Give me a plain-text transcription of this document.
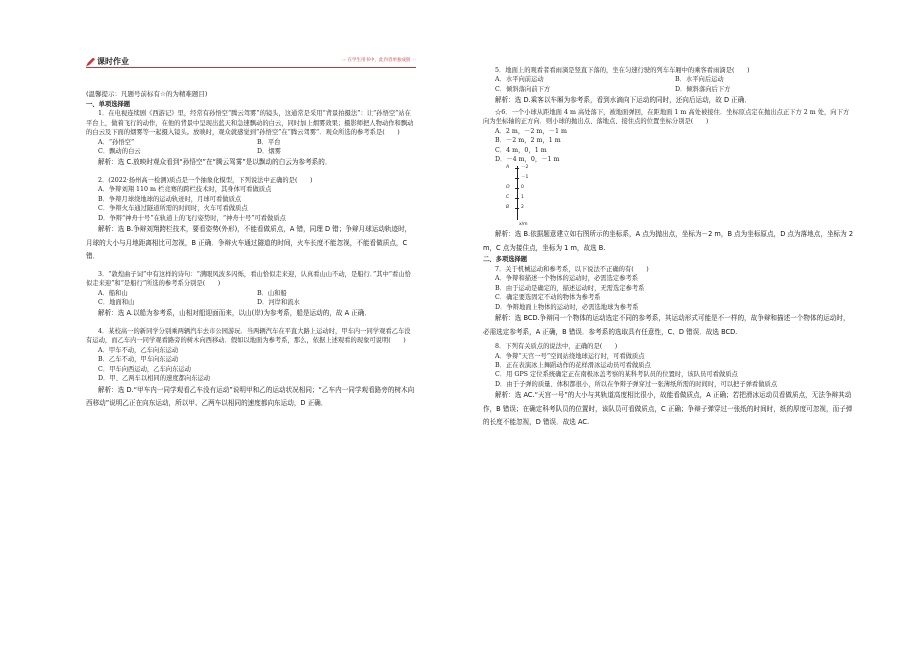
课时作业	☞ 在学生用书中，此内容单独成册 ☜

(温馨提示：凡题号前标有☆的为精难题目)

一、单项选择题

1．在电视连续剧《西游记》里，经常有孙悟空“腾云驾雾”的镜头，这通常是采用“背景拍摄法”：让“孙悟空”站在平台上，做着飞行的动作，在他的背景中呈现出蓝天和急速飘动的白云，同时加上烟雾效果；摄影师把人物动作和飘动的白云及下面的烟雾等一起摄入镜头。放映时，观众就感觉到“孙悟空”在“腾云驾雾”．观众所选的参考系是(　　)

A．“孙悟空”	B．平台
C．飘动的白云	D．烟雾

解析：选 C.放映时观众看到“孙悟空”在“腾云驾雾”是以飘动的白云为参考系的．

2．(2022·扬州高一检测)质点是一个抽象化模型，下列说法中正确的是(　　)

A．争辩刘翔 110 m 栏竞赛的跨栏技术时，其身体可看做质点
B．争辩月球绕地球的运动轨迹时，月球可看做质点
C．争辩火车通过隧道所需的时间时，火车可看做质点
D．争辩“神舟十号”在轨道上的飞行姿势时，“神舟十号”可看做质点

解析：选 B.争辩刘翔跨栏技术，要看姿势(外形)，不能看做质点，A 错，同理 D 错；争辩月球运动轨迹时，月球的大小与月地距离相比可忽视，B 正确．争辩火车通过隧道的时间，火车长度不能忽视，不能看做质点，C 错．

3．“敦煌曲子词”中有这样的诗句：“满眼风波多闪烁，看山恰似走来迎，认真看山山不动，是船行．”其中“看山恰似走来迎”和“是船行”所选的参考系分别是(　　)

A．船和山	B．山和船
C．地面和山	D．河岸和流水

解析：选 A.以船为参考系，山相对船迎面而来，以山(岸)为参考系，船是运动的，故 A 正确．

4．某校高一的新同学分别乘两辆汽车去市公园游玩．当两辆汽车在平直大路上运动时，甲车内一同学观看乙车没有运动，而乙车内一同学观看路旁的树木向西移动．假如以地面为参考系，那么，依据上述观看的现象可说明(　　)

A．甲车不动，乙车向东运动
B．乙车不动，甲车向东运动
C．甲车向西运动，乙车向东运动
D．甲、乙两车以相同的速度都向东运动

解析：选 D.“甲车内一同学观看乙车没有运动”说明甲和乙的运动状况相同；“乙车内一同学观看路旁的树木向西移动”说明乙正在向东运动，所以甲、乙两车以相同的速度都向东运动，D 正确．

5．地面上的观看者看雨滴是竖直下落的，坐在匀速行驶的列车车厢中的乘客看雨滴是(　　)

A．水平向前运动	B．水平向后运动
C．倾斜落向前下方	D．倾斜落向后下方

解析：选 D.乘客以车厢为参考系，看到水滴向下运动的同时，还向后运动，故 D 正确．

☆6．一个小球从距地面 4 m 高处落下，被地面弹回，在距地面 1 m 高处被接住．坐标原点定在抛出点正下方 2 m 处，向下方向为坐标轴的正方向．则小球的抛出点、落地点、接住点的位置坐标分别是(　　)

A．2 m，－2 m，－1 m
B．－2 m，2 m，1 m
C．4 m，0，1 m
D．－4 m，0，－1 m
－2
－1
0
1
2
A
O
C
B
x/m

解析：选 B.依据题意建立如右图所示的坐标系，A 点为抛出点，坐标为－2 m，B 点为坐标原点，D 点为落地点，坐标为 2 m，C 点为接住点，坐标为 1 m，故选 B.

二、多项选择题

7．关于机械运动和参考系，以下说法不正确的有(　　)

A．争辩和描述一个物体的运动时，必需选定参考系
B．由于运动是确定的，描述运动时，无需选定参考系
C．确定要选固定不动的物体为参考系
D．争辩地面上物体的运动时，必需选地球为参考系

解析：选 BCD.争辩同一个物体的运动选定不同的参考系，其运动形式可能是不一样的，故争辩和描述一个物体的运动时，必需选定参考系，A 正确，B 错误．参考系的选取具有任意性，C、D 错误．故选 BCD.

8．下列有关质点的说法中，正确的是(　　)

A．争辩“天宫一号”空间站绕地球运行时，可看做质点
B．正在表演冰上舞蹈动作的花样滑冰运动员可看做质点
C．用 GPS 定位系统确定正在南极冰盖考察的某科考队员的位置时，该队员可看做质点
D．由于子弹的质量、体积都很小，所以在争辩子弹穿过一张薄纸所需的时间时，可以把子弹看做质点

解析：选 AC.“天宫一号”的大小与其轨道高度相比很小，故能看做质点，A 正确；若把滑冰运动员看做质点，无法争辩其动作，B 错误；在确定科考队员的位置时，该队员可看做质点，C 正确；争辩子弹穿过一张纸的时间时，纸的厚度可忽视，而子弹的长度不能忽视，D 错误．故选 AC.
